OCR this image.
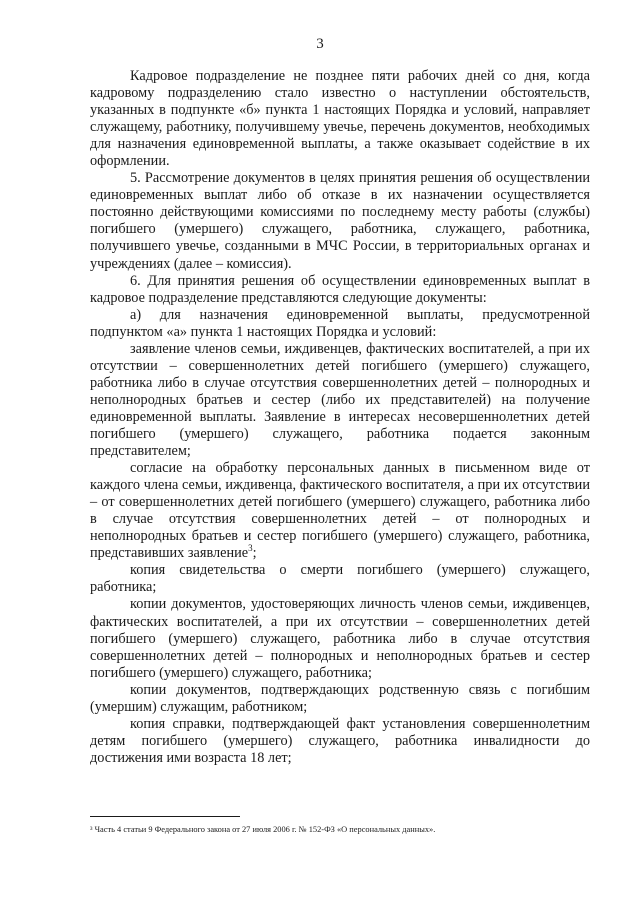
3

Кадровое подразделение не позднее пяти рабочих дней со дня, когда кадровому подразделению стало известно о наступлении обстоятельств, указанных в подпункте «б» пункта 1 настоящих Порядка и условий, направляет служащему, работнику, получившему увечье, перечень документов, необходимых для назначения единовременной выплаты, а также оказывает содействие в их оформлении.

5. Рассмотрение документов в целях принятия решения об осуществлении единовременных выплат либо об отказе в их назначении осуществляется постоянно действующими комиссиями по последнему месту работы (службы) погибшего (умершего) служащего, работника, служащего, работника, получившего увечье, созданными в МЧС России, в территориальных органах и учреждениях (далее – комиссия).

6. Для принятия решения об осуществлении единовременных выплат в кадровое подразделение представляются следующие документы:

а) для назначения единовременной выплаты, предусмотренной подпунктом «а» пункта 1 настоящих Порядка и условий:

заявление членов семьи, иждивенцев, фактических воспитателей, а при их отсутствии – совершеннолетних детей погибшего (умершего) служащего, работника либо в случае отсутствия совершеннолетних детей – полнородных и неполнородных братьев и сестер (либо их представителей) на получение единовременной выплаты. Заявление в интересах несовершеннолетних детей погибшего (умершего) служащего, работника подается законным представителем;

согласие на обработку персональных данных в письменном виде от каждого члена семьи, иждивенца, фактического воспитателя, а при их отсутствии – от совершеннолетних детей погибшего (умершего) служащего, работника либо в случае отсутствия совершеннолетних детей – от полнородных и неполнородных братьев и сестер погибшего (умершего) служащего, работника, представивших заявление$^3$;

копия свидетельства о смерти погибшего (умершего) служащего, работника;

копии документов, удостоверяющих личность членов семьи, иждивенцев, фактических воспитателей, а при их отсутствии – совершеннолетних детей погибшего (умершего) служащего, работника либо в случае отсутствия совершеннолетних детей – полнородных и неполнородных братьев и сестер погибшего (умершего) служащего, работника;

копии документов, подтверждающих родственную связь с погибшим (умершим) служащим, работником;

копия справки, подтверждающей факт установления совершеннолетним детям погибшего (умершего) служащего, работника инвалидности до достижения ими возраста 18 лет;

³ Часть 4 статьи 9 Федерального закона от 27 июля 2006 г. № 152-ФЗ «О персональных данных».
